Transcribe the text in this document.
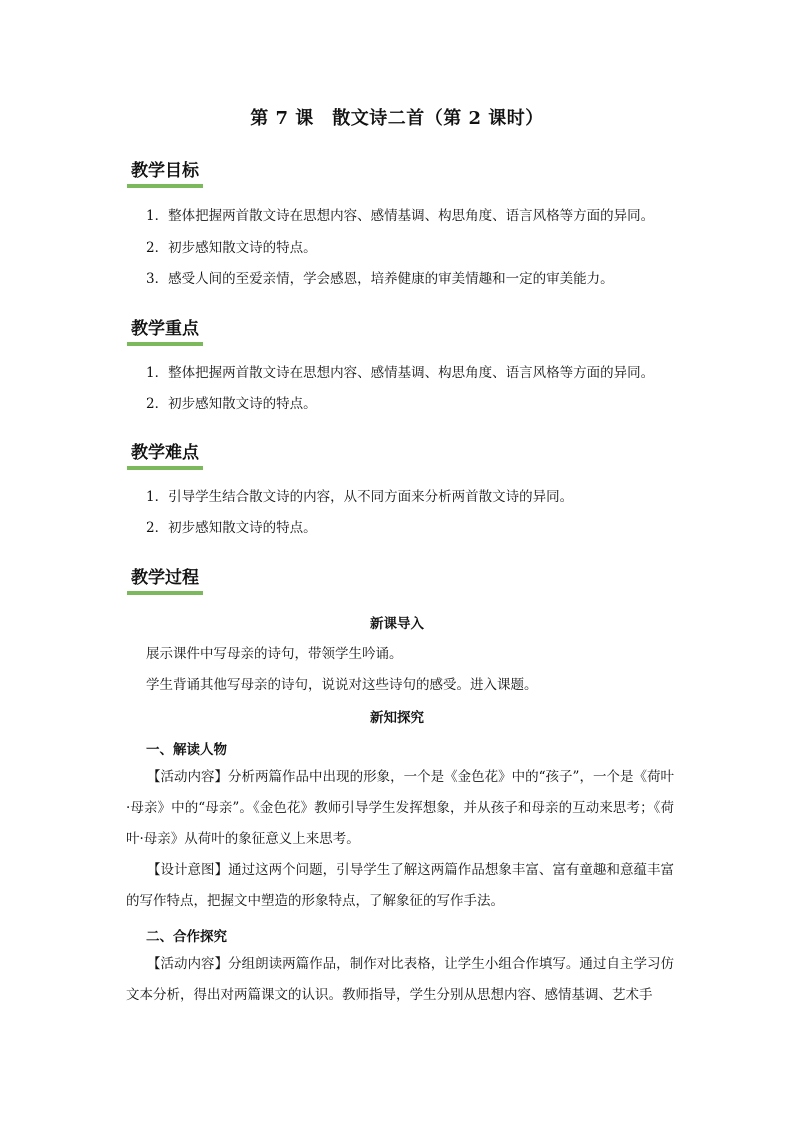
第 7 课　散文诗二首（第 2 课时）
教学目标
1．整体把握两首散文诗在思想内容、感情基调、构思角度、语言风格等方面的异同。
2．初步感知散文诗的特点。
3．感受人间的至爱亲情，学会感恩，培养健康的审美情趣和一定的审美能力。
教学重点
1．整体把握两首散文诗在思想内容、感情基调、构思角度、语言风格等方面的异同。
2．初步感知散文诗的特点。
教学难点
1．引导学生结合散文诗的内容，从不同方面来分析两首散文诗的异同。
2．初步感知散文诗的特点。
教学过程
新课导入
展示课件中写母亲的诗句，带领学生吟诵。
学生背诵其他写母亲的诗句，说说对这些诗句的感受。进入课题。
新知探究
一、解读人物
【活动内容】分析两篇作品中出现的形象，一个是《金色花》中的“孩子”，一个是《荷叶·母亲》中的“母亲”。《金色花》教师引导学生发挥想象，并从孩子和母亲的互动来思考；《荷叶·母亲》从荷叶的象征意义上来思考。
【设计意图】通过这两个问题，引导学生了解这两篇作品想象丰富、富有童趣和意蕴丰富的写作特点，把握文中塑造的形象特点，了解象征的写作手法。
二、合作探究
【活动内容】分组朗读两篇作品，制作对比表格，让学生小组合作填写。通过自主学习仿文本分析，得出对两篇课文的认识。教师指导，学生分别从思想内容、感情基调、艺术手
